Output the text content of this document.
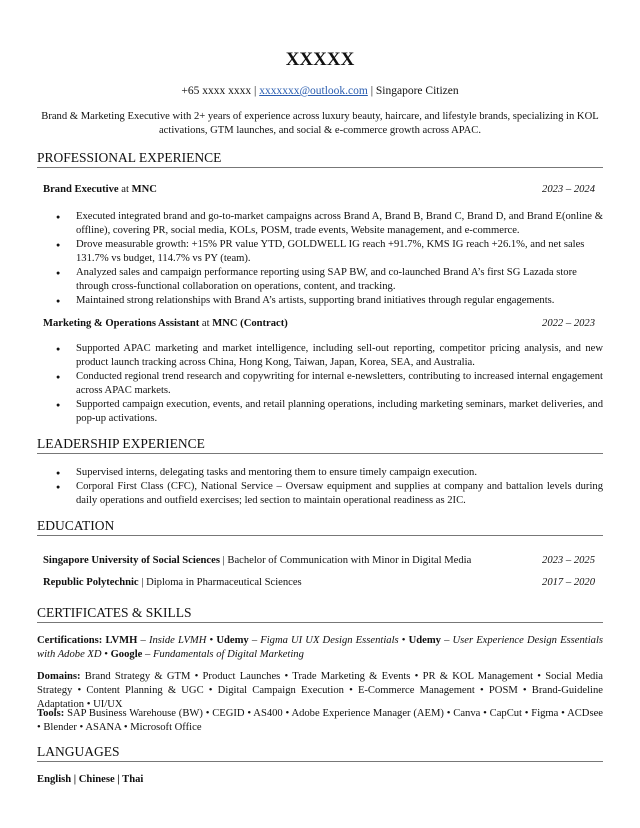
XXXXX
+65 xxxx xxxx | xxxxxxx@outlook.com | Singapore Citizen
Brand & Marketing Executive with 2+ years of experience across luxury beauty, haircare, and lifestyle brands, specializing in KOL activations, GTM launches, and social & e-commerce growth across APAC.
PROFESSIONAL EXPERIENCE
Brand Executive at MNC	2023 – 2024
● Executed integrated brand and go-to-market campaigns across Brand A, Brand B, Brand C, Brand D, and Brand E(online & offline), covering PR, social media, KOLs, POSM, trade events, Website management, and e-commerce.
● Drove measurable growth: +15% PR value YTD, GOLDWELL IG reach +91.7%, KMS IG reach +26.1%, and net sales 131.7% vs budget, 114.7% vs PY (team).
● Analyzed sales and campaign performance reporting using SAP BW, and co-launched Brand A’s first SG Lazada store through cross-functional collaboration on operations, content, and tracking.
● Maintained strong relationships with Brand A’s artists, supporting brand initiatives through regular engagements.
Marketing & Operations Assistant at MNC (Contract)	2022 – 2023
● Supported APAC marketing and market intelligence, including sell-out reporting, competitor pricing analysis, and new product launch tracking across China, Hong Kong, Taiwan, Japan, Korea, SEA, and Australia.
● Conducted regional trend research and copywriting for internal e-newsletters, contributing to increased internal engagement across APAC markets.
● Supported campaign execution, events, and retail planning operations, including marketing seminars, market deliveries, and pop-up activations.
LEADERSHIP EXPERIENCE
● Supervised interns, delegating tasks and mentoring them to ensure timely campaign execution.
● Corporal First Class (CFC), National Service – Oversaw equipment and supplies at company and battalion levels during daily operations and outfield exercises; led section to maintain operational readiness as 2IC.
EDUCATION
Singapore University of Social Sciences | Bachelor of Communication with Minor in Digital Media	2023 – 2025
Republic Polytechnic | Diploma in Pharmaceutical Sciences	2017 – 2020
CERTIFICATES & SKILLS

Certifications: LVMH – Inside LVMH • Udemy – Figma UI UX Design Essentials • Udemy – User Experience Design Essentials with Adobe XD • Google – Fundamentals of Digital Marketing

Domains: Brand Strategy & GTM • Product Launches • Trade Marketing & Events • PR & KOL Management • Social Media Strategy • Content Planning & UGC • Digital Campaign Execution • E-Commerce Management • POSM • Brand-Guideline Adaptation • UI/UX

Tools: SAP Business Warehouse (BW) • CEGID • AS400 • Adobe Experience Manager (AEM) • Canva • CapCut • Figma • ACDsee • Blender • ASANA • Microsoft Office

LANGUAGES
English | Chinese | Thai
